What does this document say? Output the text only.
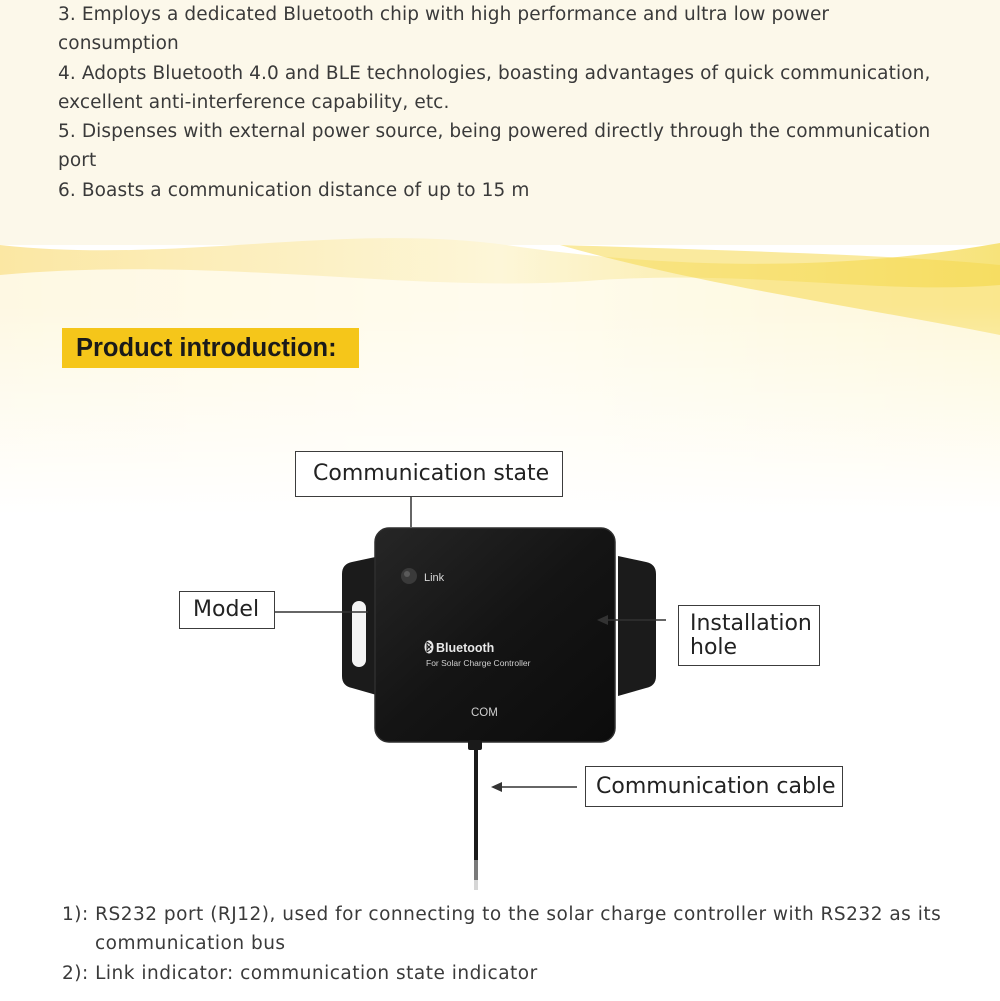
3. Employs a dedicated Bluetooth chip with high performance and ultra low power
consumption
4. Adopts Bluetooth 4.0 and BLE technologies, boasting advantages of quick communication,
excellent anti-interference capability, etc.
5. Dispenses with external power source, being powered directly through the communication
port
6. Boasts a communication distance of up to 15 m
Product introduction:
Link
Bluetooth
For Solar Charge Controller
COM
Communication state
Model
Installation
hole
Communication cable
1): RS232 port (RJ12), used for connecting to the solar charge controller with RS232 as its
communication bus
2): Link indicator: communication state indicator
